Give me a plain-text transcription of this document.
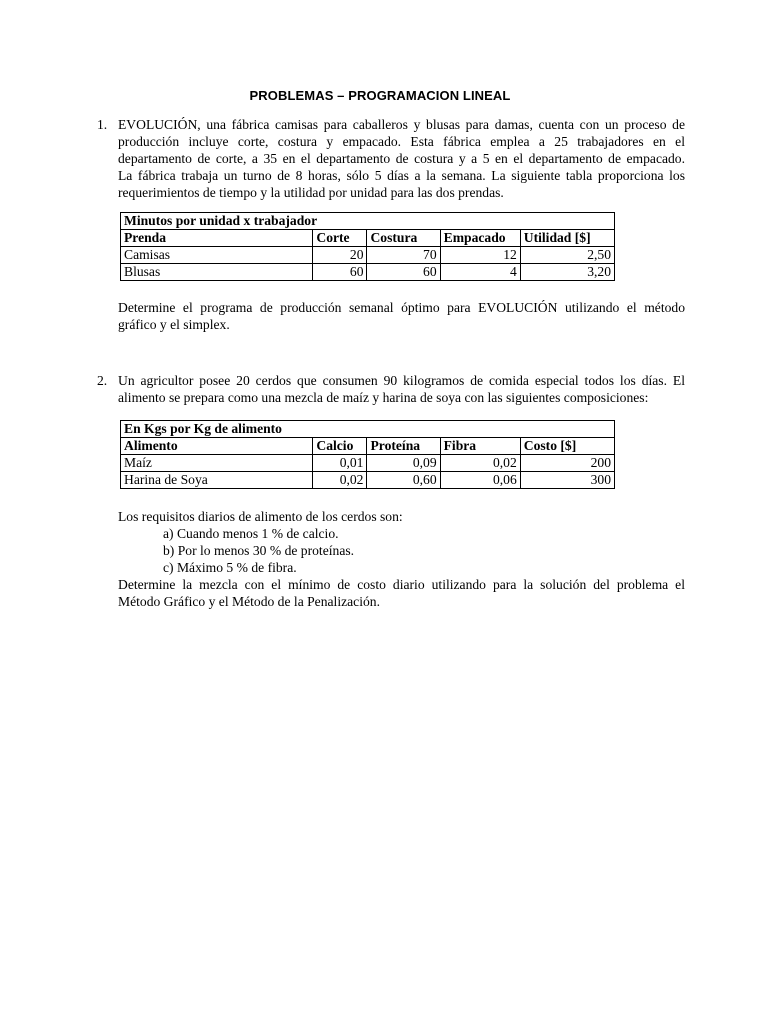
PROBLEMAS – PROGRAMACION LINEAL
1. EVOLUCIÓN, una fábrica camisas para caballeros y blusas para damas, cuenta con un proceso de
producción incluye corte, costura y empacado. Esta fábrica emplea a 25 trabajadores en el
departamento de corte, a 35 en el departamento de costura y a 5 en el departamento de empacado.
La fábrica trabaja un turno de 8 horas, sólo 5 días a la semana. La siguiente tabla proporciona los
requerimientos de tiempo y la utilidad por unidad para las dos prendas.
Minutos por unidad x trabajador				
Prenda	Corte	Costura	Empacado	Utilidad [$]
Camisas	20	70	12	2,50
Blusas	60	60	4	3,20
Determine el programa de producción semanal óptimo para EVOLUCIÓN utilizando el método
gráfico y el simplex.
2. Un agricultor posee 20 cerdos que consumen 90 kilogramos de comida especial todos los días. El
alimento se prepara como una mezcla de maíz y harina de soya con las siguientes composiciones:
En Kgs por Kg de alimento				
Alimento	Calcio	Proteína	Fibra	Costo [$]
Maíz	0,01	0,09	0,02	200
Harina de Soya	0,02	0,60	0,06	300
Los requisitos diarios de alimento de los cerdos son:
a) Cuando menos 1 % de calcio.
b) Por lo menos 30 % de proteínas.
c) Máximo 5 % de fibra.
Determine la mezcla con el mínimo de costo diario utilizando para la solución del problema el
Método Gráfico y el Método de la Penalización.
